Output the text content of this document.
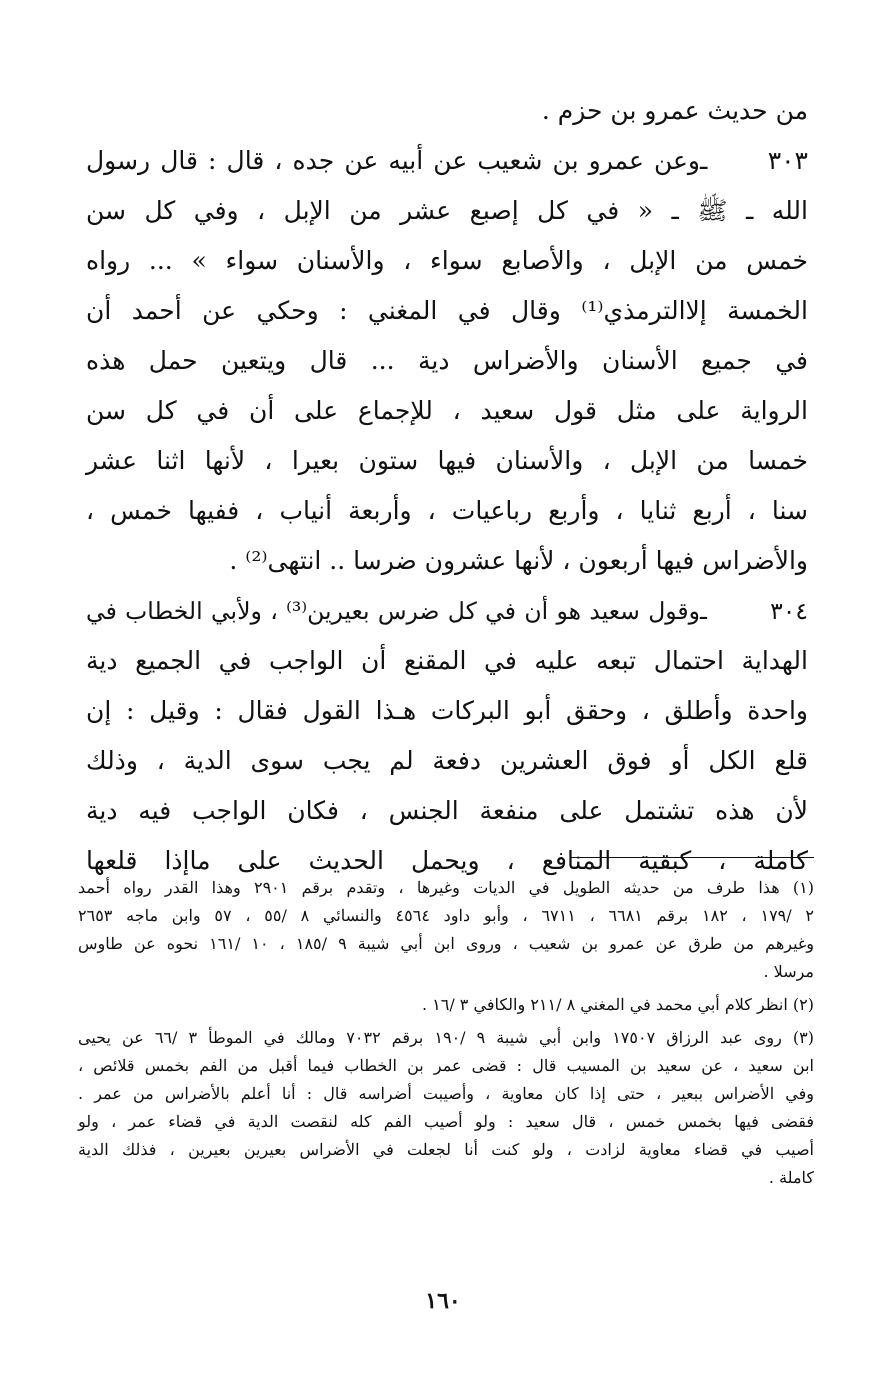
من حديث عمرو بن حزم .
٣٠٣ ـ
وعن عمرو بن شعيب عن أبيه عن جده ، قال : قال رسول
الله ـ ﷺ ـ « في كل إصبع عشر من الإبل ، وفي كل سن
خمس من الإبل ، والأصابع سواء ، والأسنان سواء » ... رواه
الخمسة إلاالترمذي⁽¹⁾ وقال في المغني : وحكي عن أحمد أن
في جميع الأسنان والأضراس دية ... قال ويتعين حمل هذه
الرواية على مثل قول سعيد ، للإجماع على أن في كل سن
خمسا من الإبل ، والأسنان فيها ستون بعيرا ، لأنها اثنا عشر
سنا ، أربع ثنايا ، وأربع رباعيات ، وأربعة أنياب ، ففيها خمس ،
والأضراس فيها أربعون ، لأنها عشرون ضرسا .. انتهى⁽²⁾ .
٣٠٤ ـ
وقول سعيد هو أن في كل ضرس بعيرين⁽³⁾ ، ولأبي الخطاب في
الهداية احتمال تبعه عليه في المقنع أن الواجب في الجميع دية
واحدة وأطلق ، وحقق أبو البركات هـذا القول فقال : وقيل : إن
قلع الكل أو فوق العشرين دفعة لم يجب سوى الدية ، وذلك
لأن هذه تشتمل على منفعة الجنس ، فكان الواجب فيه دية
كاملة ، كبقية المنافع ، ويحمل الحديث على ماإذا قلعها
(١) هذا طرف من حديثه الطويل في الديات وغيرها ، وتقدم برقم ٢٩٠١ وهذا القدر رواه أحمد
٢ /١٧٩ ، ١٨٢ برقم ٦٦٨١ ، ٦٧١١ ، وأبو داود ٤٥٦٤ والنسائي ٨ /٥٥ ، ٥٧ وابن ماجه ٢٦٥٣
وغيرهم من طرق عن عمرو بن شعيب ، وروى ابن أبي شيبة ٩ /١٨٥ ، ١٠ /١٦١ نحوه عن طاوس
مرسلا .
(٢) انظر كلام أبي محمد في المغني ٨ /٢١١ والكافي ٣ /١٦ .
(٣) روى عبد الرزاق ١٧٥٠٧ وابن أبي شيبة ٩ /١٩٠ برقم ٧٠٣٢ ومالك في الموطأ ٣ /٦٦ عن يحيى
ابن سعيد ، عن سعيد بن المسيب قال : قضى عمر بن الخطاب فيما أقبل من الفم بخمس قلائص ،
وفي الأضراس ببعير ، حتى إذا كان معاوية ، وأصيبت أضراسه قال : أنا أعلم بالأضراس من عمر .
فقضى فيها بخمس خمس ، قال سعيد : ولو أصيب الفم كله لنقصت الدية في قضاء عمر ، ولو
أصيب في قضاء معاوية لزادت ، ولو كنت أنا لجعلت في الأضراس بعيرين بعيرين ، فذلك الدية
كاملة .
١٦٠
